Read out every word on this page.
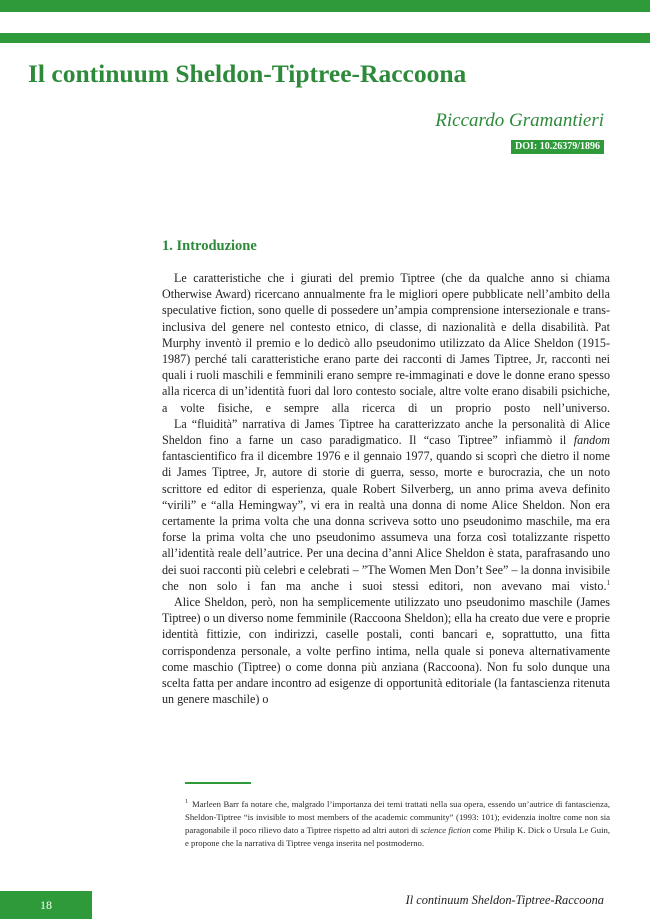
Il continuum Sheldon-Tiptree-Raccoona
Riccardo Gramantieri
DOI: 10.26379/1896
1. Introduzione

Le caratteristiche che i giurati del premio Tiptree (che da qualche anno si chiama Otherwise Award) ricercano annualmente fra le migliori opere pubblicate nell’ambito della speculative fiction, sono quelle di possedere un’ampia comprensione intersezionale e trans-inclusiva del genere nel contesto etnico, di classe, di nazionalità e della disabilità. Pat Murphy inventò il premio e lo dedicò allo pseudonimo utilizzato da Alice Sheldon (1915-1987) perché tali caratteristiche erano parte dei racconti di James Tiptree, Jr, racconti nei quali i ruoli maschili e femminili erano sempre re-immaginati e dove le donne erano spesso alla ricerca di un’identità fuori dal loro contesto sociale, altre volte erano disabili psichiche, a volte fisiche, e sempre alla ricerca di un proprio posto nell’universo.

La “fluidità” narrativa di James Tiptree ha caratterizzato anche la personalità di Alice Sheldon fino a farne un caso paradigmatico. Il “caso Tiptree” infiammò il fandom fantascientifico fra il dicembre 1976 e il gennaio 1977, quando si scoprì che dietro il nome di James Tiptree, Jr, autore di storie di guerra, sesso, morte e burocrazia, che un noto scrittore ed editor di esperienza, quale Robert Silverberg, un anno prima aveva definito “virili” e “alla Hemingway”, vi era in realtà una donna di nome Alice Sheldon. Non era certamente la prima volta che una donna scriveva sotto uno pseudonimo maschile, ma era forse la prima volta che uno pseudonimo assumeva una forza così totalizzante rispetto all’identità reale dell’autrice. Per una decina d’anni Alice Sheldon è stata, parafrasando uno dei suoi racconti più celebri e celebrati – ”The Women Men Don’t See” – la donna invisibile che non solo i fan ma anche i suoi stessi editori, non avevano mai visto.$^1$

Alice Sheldon, però, non ha semplicemente utilizzato uno pseudonimo maschile (James Tiptree) o un diverso nome femminile (Raccoona Sheldon); ella ha creato due vere e proprie identità fittizie, con indirizzi, caselle postali, conti bancari e, soprattutto, una fitta corrispondenza personale, a volte perfino intima, nella quale si poneva alternativamente come maschio (Tiptree) o come donna più anziana (Raccoona). Non fu solo dunque una scelta fatta per andare incontro ad esigenze di opportunità editoriale (la fantascienza ritenuta un genere maschile) o

$^1$ Marleen Barr fa notare che, malgrado l’importanza dei temi trattati nella sua opera, essendo un’autrice di fantascienza, Sheldon-Tiptree “is invisible to most members of the academic community” (1993: 101); evidenzia inoltre come non sia paragonabile il poco rilievo dato a Tiptree rispetto ad altri autori di science fiction come Philip K. Dick o Ursula Le Guin, e propone che la narrativa di Tiptree venga inserita nel postmoderno.

18	Il continuum Sheldon-Tiptree-Raccoona
